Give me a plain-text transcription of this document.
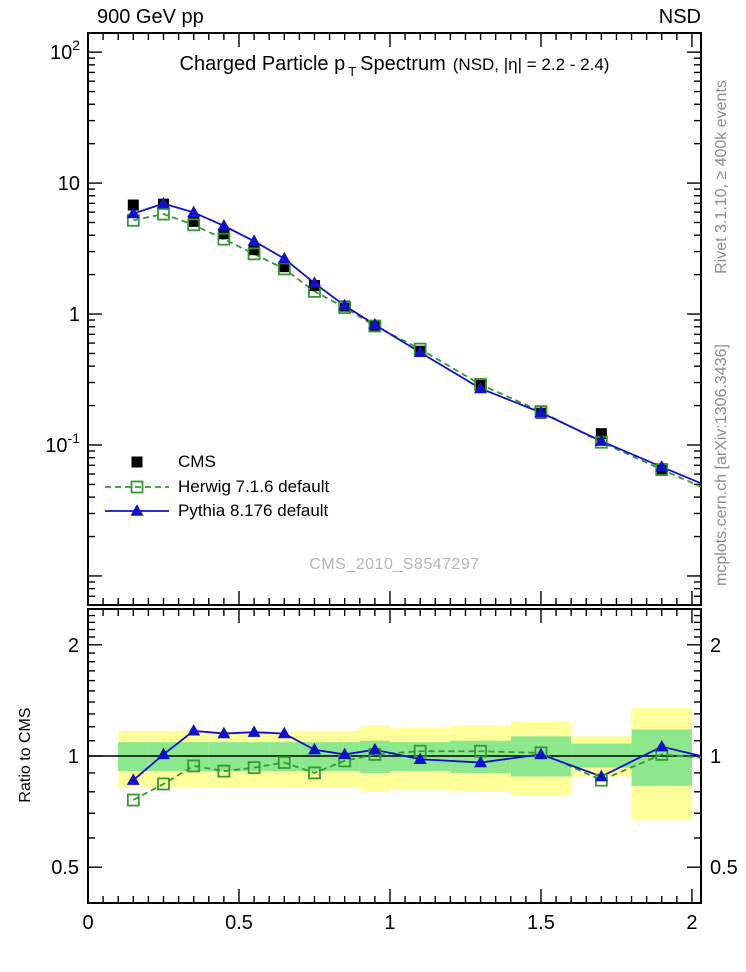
$10^2$
10
1
$10^{-1}$
2	2
1	1
0.5	0.5
0	0.5	1	1.5	2
900 GeV pp	NSD
Charged Particle p $_T$ Spectrum (NSD, |η| = 2.2 - 2.4)
CMS
Herwig 7.1.6 default
Pythia 8.176 default
CMS_2010_S8547297
Rivet 3.1.10, ≥ 400k events
mcplots.cern.ch [arXiv:1306.3436]
Ratio to CMS
